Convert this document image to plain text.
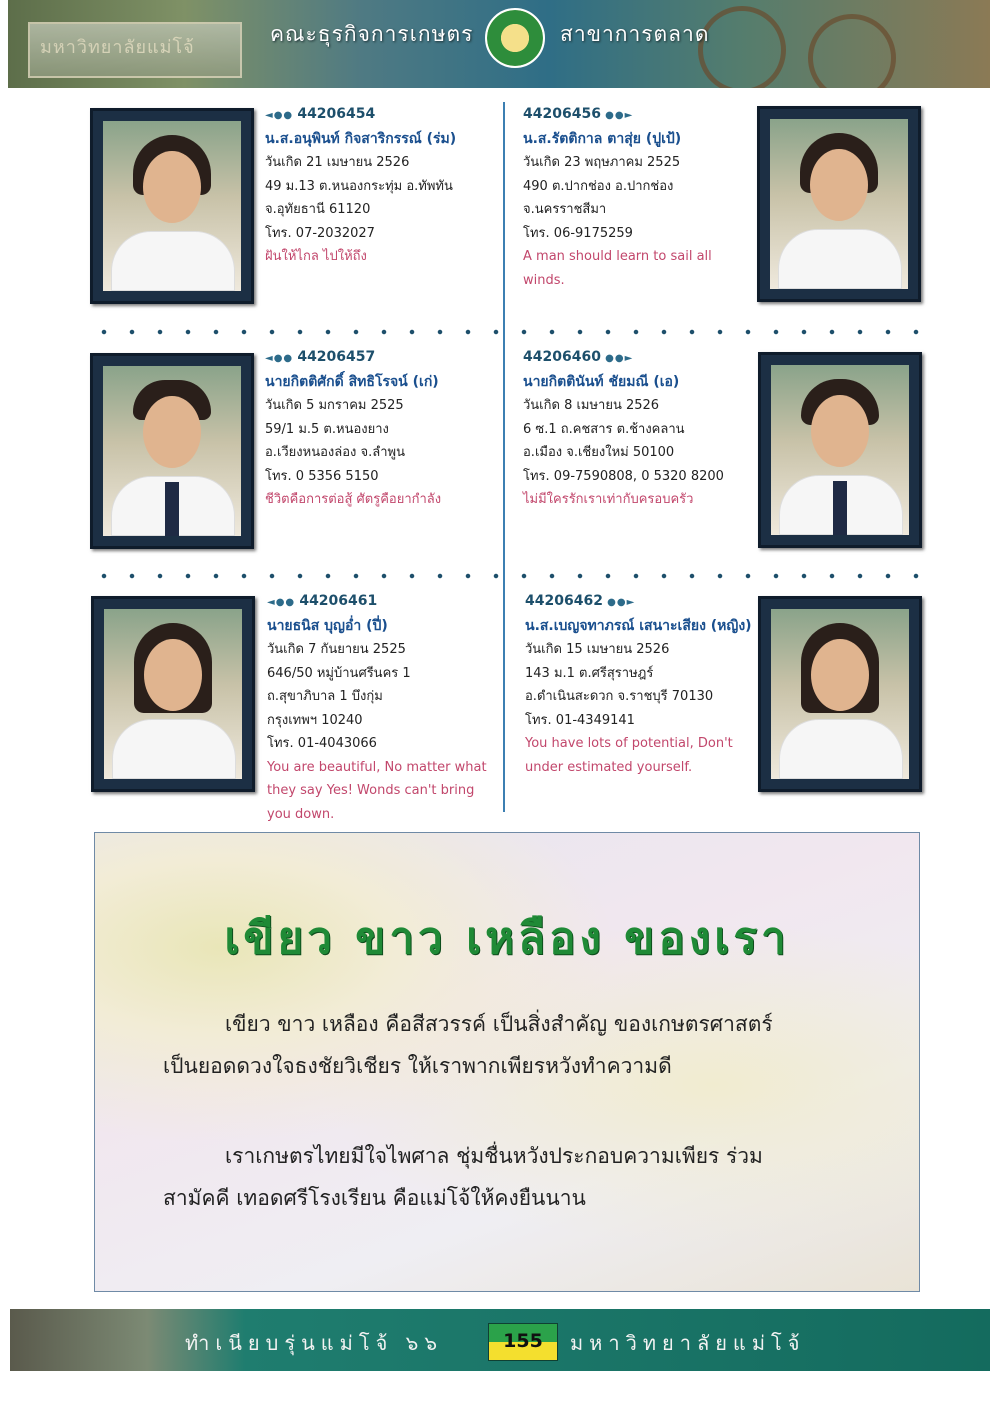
มหาวิทยาลัยแม่โจ้
คณะธุรกิจการเกษตร	สาขาการตลาด
◄●● 44206454
น.ส.อนุพินท์ กิจสาริกรรณ์ (ร่ม)
วันเกิด 21 เมษายน 2526
49 ม.13 ต.หนองกระทุ่ม อ.ทัพทัน
จ.อุทัยธานี 61120
โทร. 07-2032027
ฝันให้ไกล ไปให้ถึง
44206456 ●●►
น.ส.รัตติกาล ตาสุ่ย (ปูเป้)
วันเกิด 23 พฤษภาคม 2525
490 ต.ปากช่อง อ.ปากช่อง
จ.นครราชสีมา
โทร. 06-9175259
A man should learn to sail all winds.
◄●● 44206457
นายกิตติศักดิ์ สิทธิโรจน์ (เก่)
วันเกิด 5 มกราคม 2525
59/1 ม.5 ต.หนองยาง
อ.เวียงหนองล่อง จ.ลำพูน
โทร. 0 5356 5150
ชีวิตคือการต่อสู้ ศัตรูคือยากำลัง
44206460 ●●►
นายกิตตินันท์ ชัยมณี (เอ)
วันเกิด 8 เมษายน 2526
6 ซ.1 ถ.คชสาร ต.ช้างคลาน
อ.เมือง จ.เชียงใหม่ 50100
โทร. 09-7590808, 0 5320 8200
ไม่มีใครรักเราเท่ากับครอบครัว
◄●● 44206461
นายธนิส บุญอ่ำ (ปี่)
วันเกิด 7 กันยายน 2525
646/50 หมู่บ้านศรีนคร 1
ถ.สุขาภิบาล 1 บึงกุ่ม
กรุงเทพฯ 10240
โทร. 01-4043066
You are beautiful, No matter what they say Yes! Wonds can't bring you down.
44206462 ●●►
น.ส.เบญจทาภรณ์ เสนาะเสียง (หญิง)
วันเกิด 15 เมษายน 2526
143 ม.1 ต.ศรีสุราษฎร์
อ.ดำเนินสะดวก จ.ราชบุรี 70130
โทร. 01-4349141
You have lots of potential, Don't under estimated yourself.
เขียว ขาว เหลือง ของเรา
เขียว ขาว เหลือง คือสีสวรรค์ เป็นสิ่งสำคัญ ของเกษตรศาสตร์
เป็นยอดดวงใจธงชัยวิเชียร ให้เราพากเพียรหวังทำความดี
เราเกษตรไทยมีใจไพศาล ชุ่มชื่นหวังประกอบความเพียร ร่วม
สามัคคี เทอดศรีโรงเรียน คือแม่โจ้ให้คงยืนนาน
ทำเนียบรุ่นแม่โจ้ ๖๖	155	มหาวิทยาลัยแม่โจ้
